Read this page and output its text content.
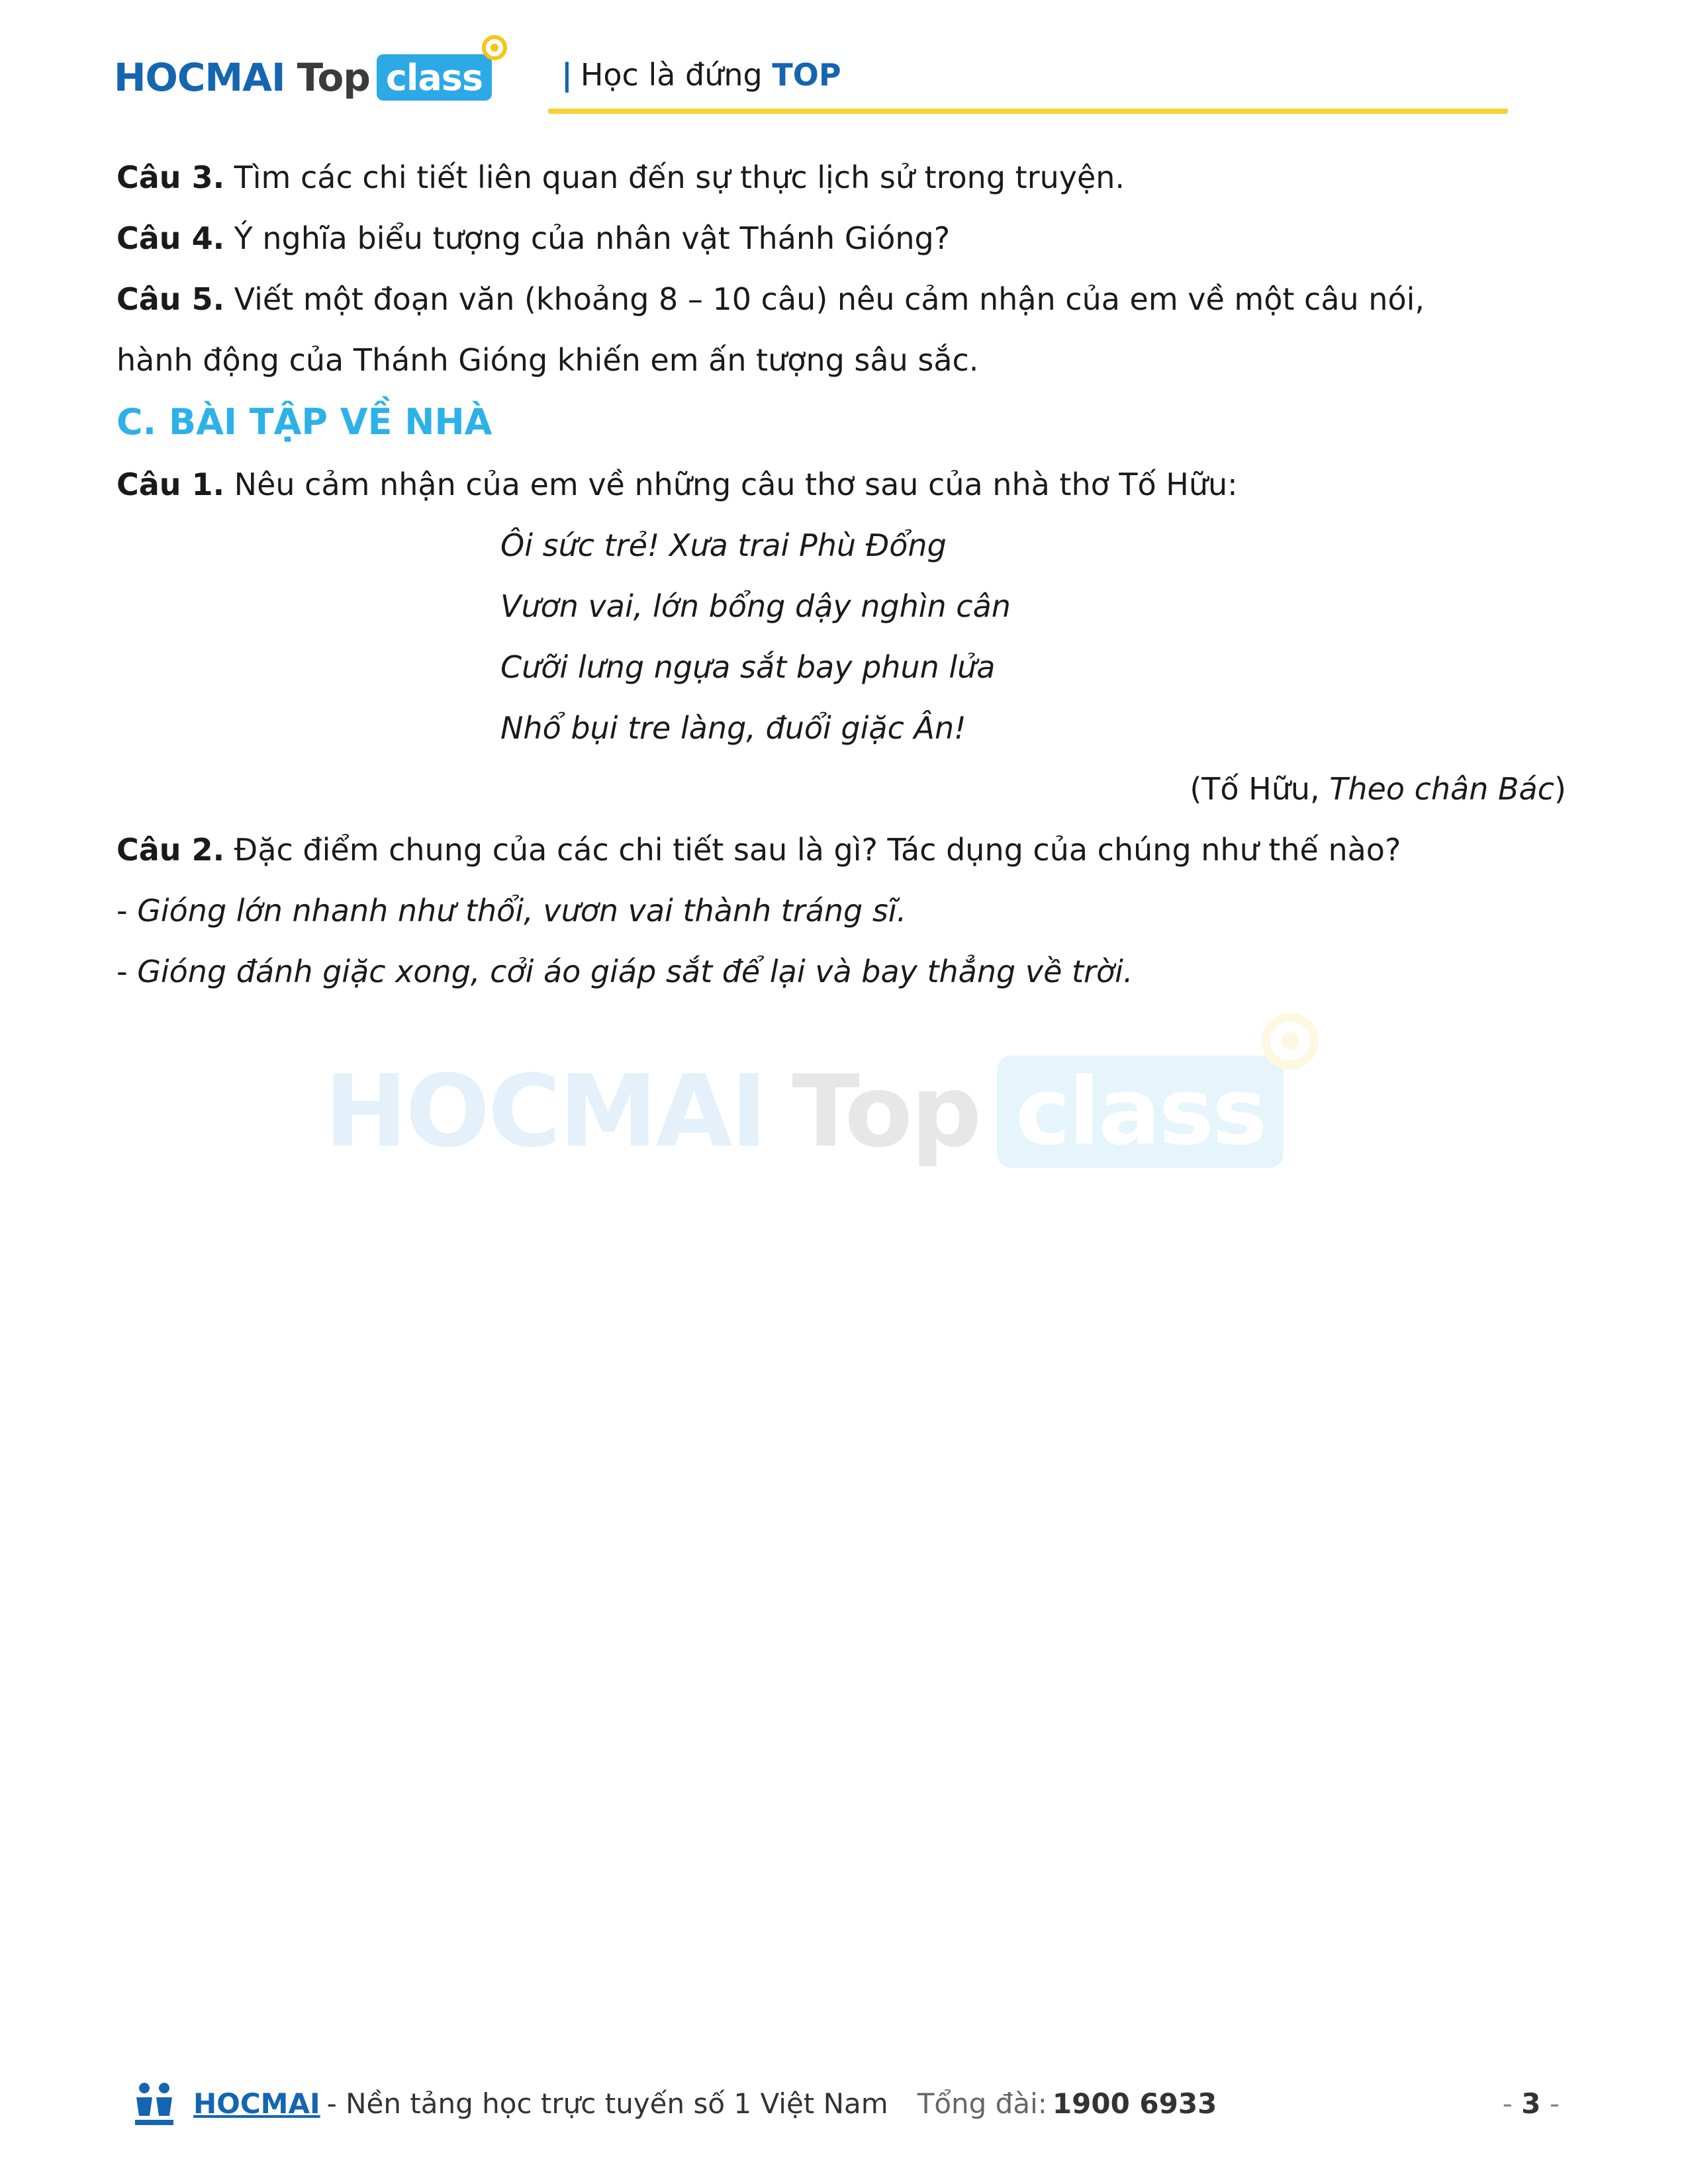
HOCMAI Top class	| Học là đứng TOP
Câu 3. Tìm các chi tiết liên quan đến sự thực lịch sử trong truyện.
Câu 4. Ý nghĩa biểu tượng của nhân vật Thánh Gióng?
Câu 5. Viết một đoạn văn (khoảng 8 – 10 câu) nêu cảm nhận của em về một câu nói,
hành động của Thánh Gióng khiến em ấn tượng sâu sắc.
C. BÀI TẬP VỀ NHÀ
Câu 1. Nêu cảm nhận của em về những câu thơ sau của nhà thơ Tố Hữu:
Ôi sức trẻ! Xưa trai Phù Đổng
Vươn vai, lớn bổng dậy nghìn cân
Cưỡi lưng ngựa sắt bay phun lửa
Nhổ bụi tre làng, đuổi giặc Ân!
(Tố Hữu, Theo chân Bác)
Câu 2. Đặc điểm chung của các chi tiết sau là gì? Tác dụng của chúng như thế nào?
- Gióng lớn nhanh như thổi, vươn vai thành tráng sĩ.
- Gióng đánh giặc xong, cởi áo giáp sắt để lại và bay thẳng về trời.
HOCMAI Top class
HOCMAI - Nền tảng học trực tuyến số 1 Việt Nam Tổng đài: 1900 6933	- 3 -
